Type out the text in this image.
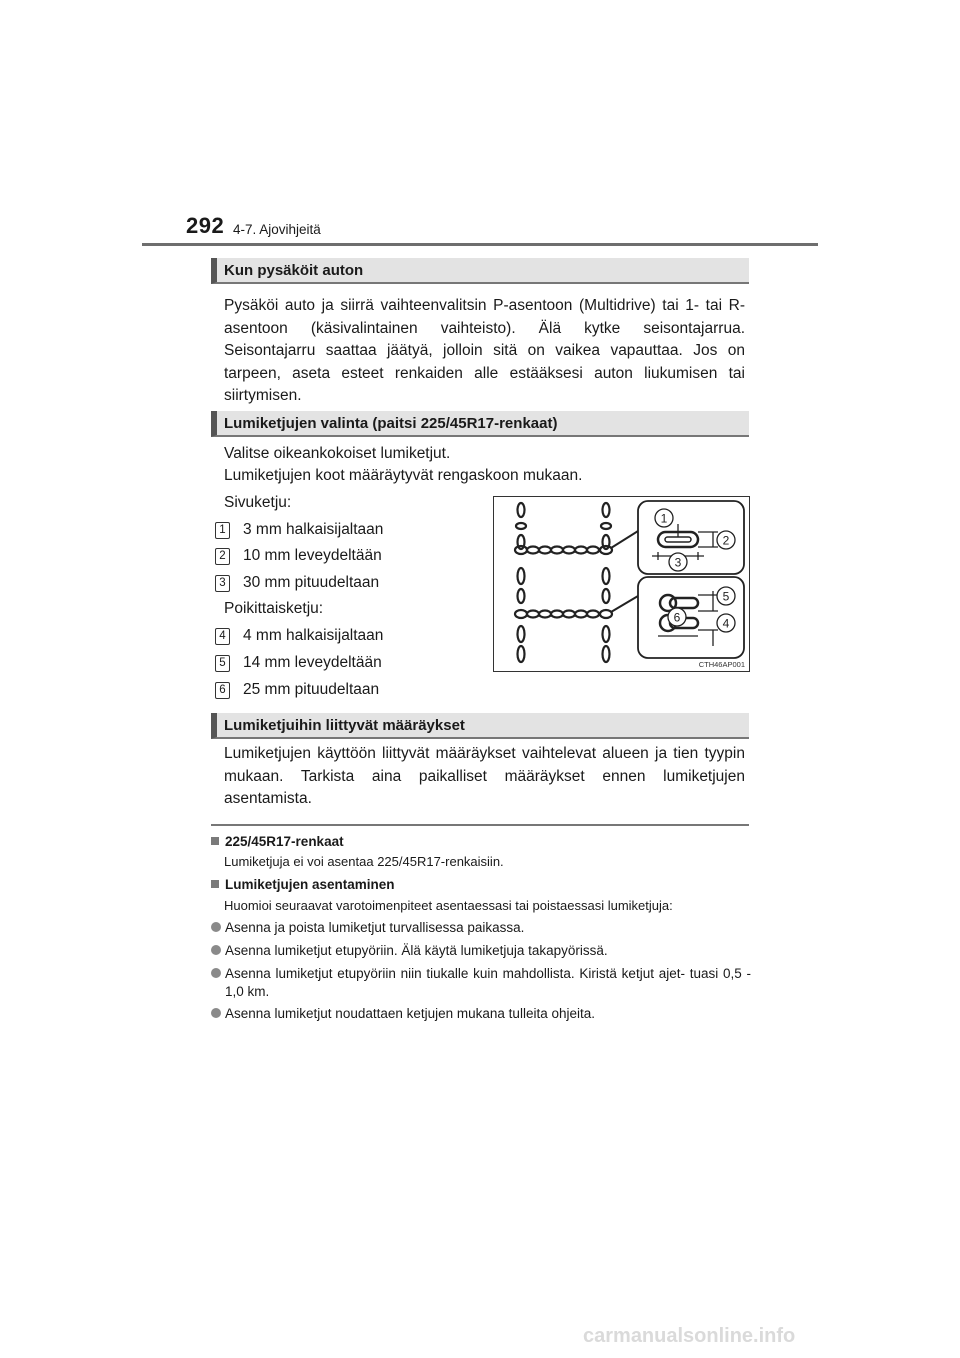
292 4-7. Ajovihjeitä
Kun pysäköit auton

Pysäköi auto ja siirrä vaihteenvalitsin P-asentoon (Multidrive) tai 1- tai R-asentoon (käsivalintainen vaihteisto). Älä kytke seisontajarrua. Seisontajarru saattaa jäätyä, jolloin sitä on vaikea vapauttaa. Jos on tarpeen, aseta esteet renkaiden alle estääksesi auton liukumisen tai siirtymisen.

Lumiketjujen valinta (paitsi 225/45R17-renkaat)
Valitse oikeankokoiset lumiketjut.
Lumiketjujen koot määräytyvät rengaskoon mukaan.
Sivuketju:
1 3 mm halkaisijaltaan
2 10 mm leveydeltään
3 30 mm pituudeltaan
Poikittaisketju:
4 4 mm halkaisijaltaan
5 14 mm leveydeltään
6 25 mm pituudeltaan
1
2
3
4
5
6
CTH46AP001
Lumiketjuihin liittyvät määräykset

Lumiketjujen käyttöön liittyvät määräykset vaihtelevat alueen ja tien tyypin mukaan. Tarkista aina paikalliset määräykset ennen lumiketjujen asentamista.

225/45R17-renkaat
Lumiketjuja ei voi asentaa 225/45R17-renkaisiin.
Lumiketjujen asentaminen
Huomioi seuraavat varotoimenpiteet asentaessasi tai poistaessasi lumiketjuja:
Asenna ja poista lumiketjut turvallisessa paikassa.
Asenna lumiketjut etupyöriin. Älä käytä lumiketjuja takapyörissä.
Asenna lumiketjut etupyöriin niin tiukalle kuin mahdollista. Kiristä ketjut ajet- tuasi 0,5 - 1,0 km.
Asenna lumiketjut noudattaen ketjujen mukana tulleita ohjeita.
carmanualsonline.info
